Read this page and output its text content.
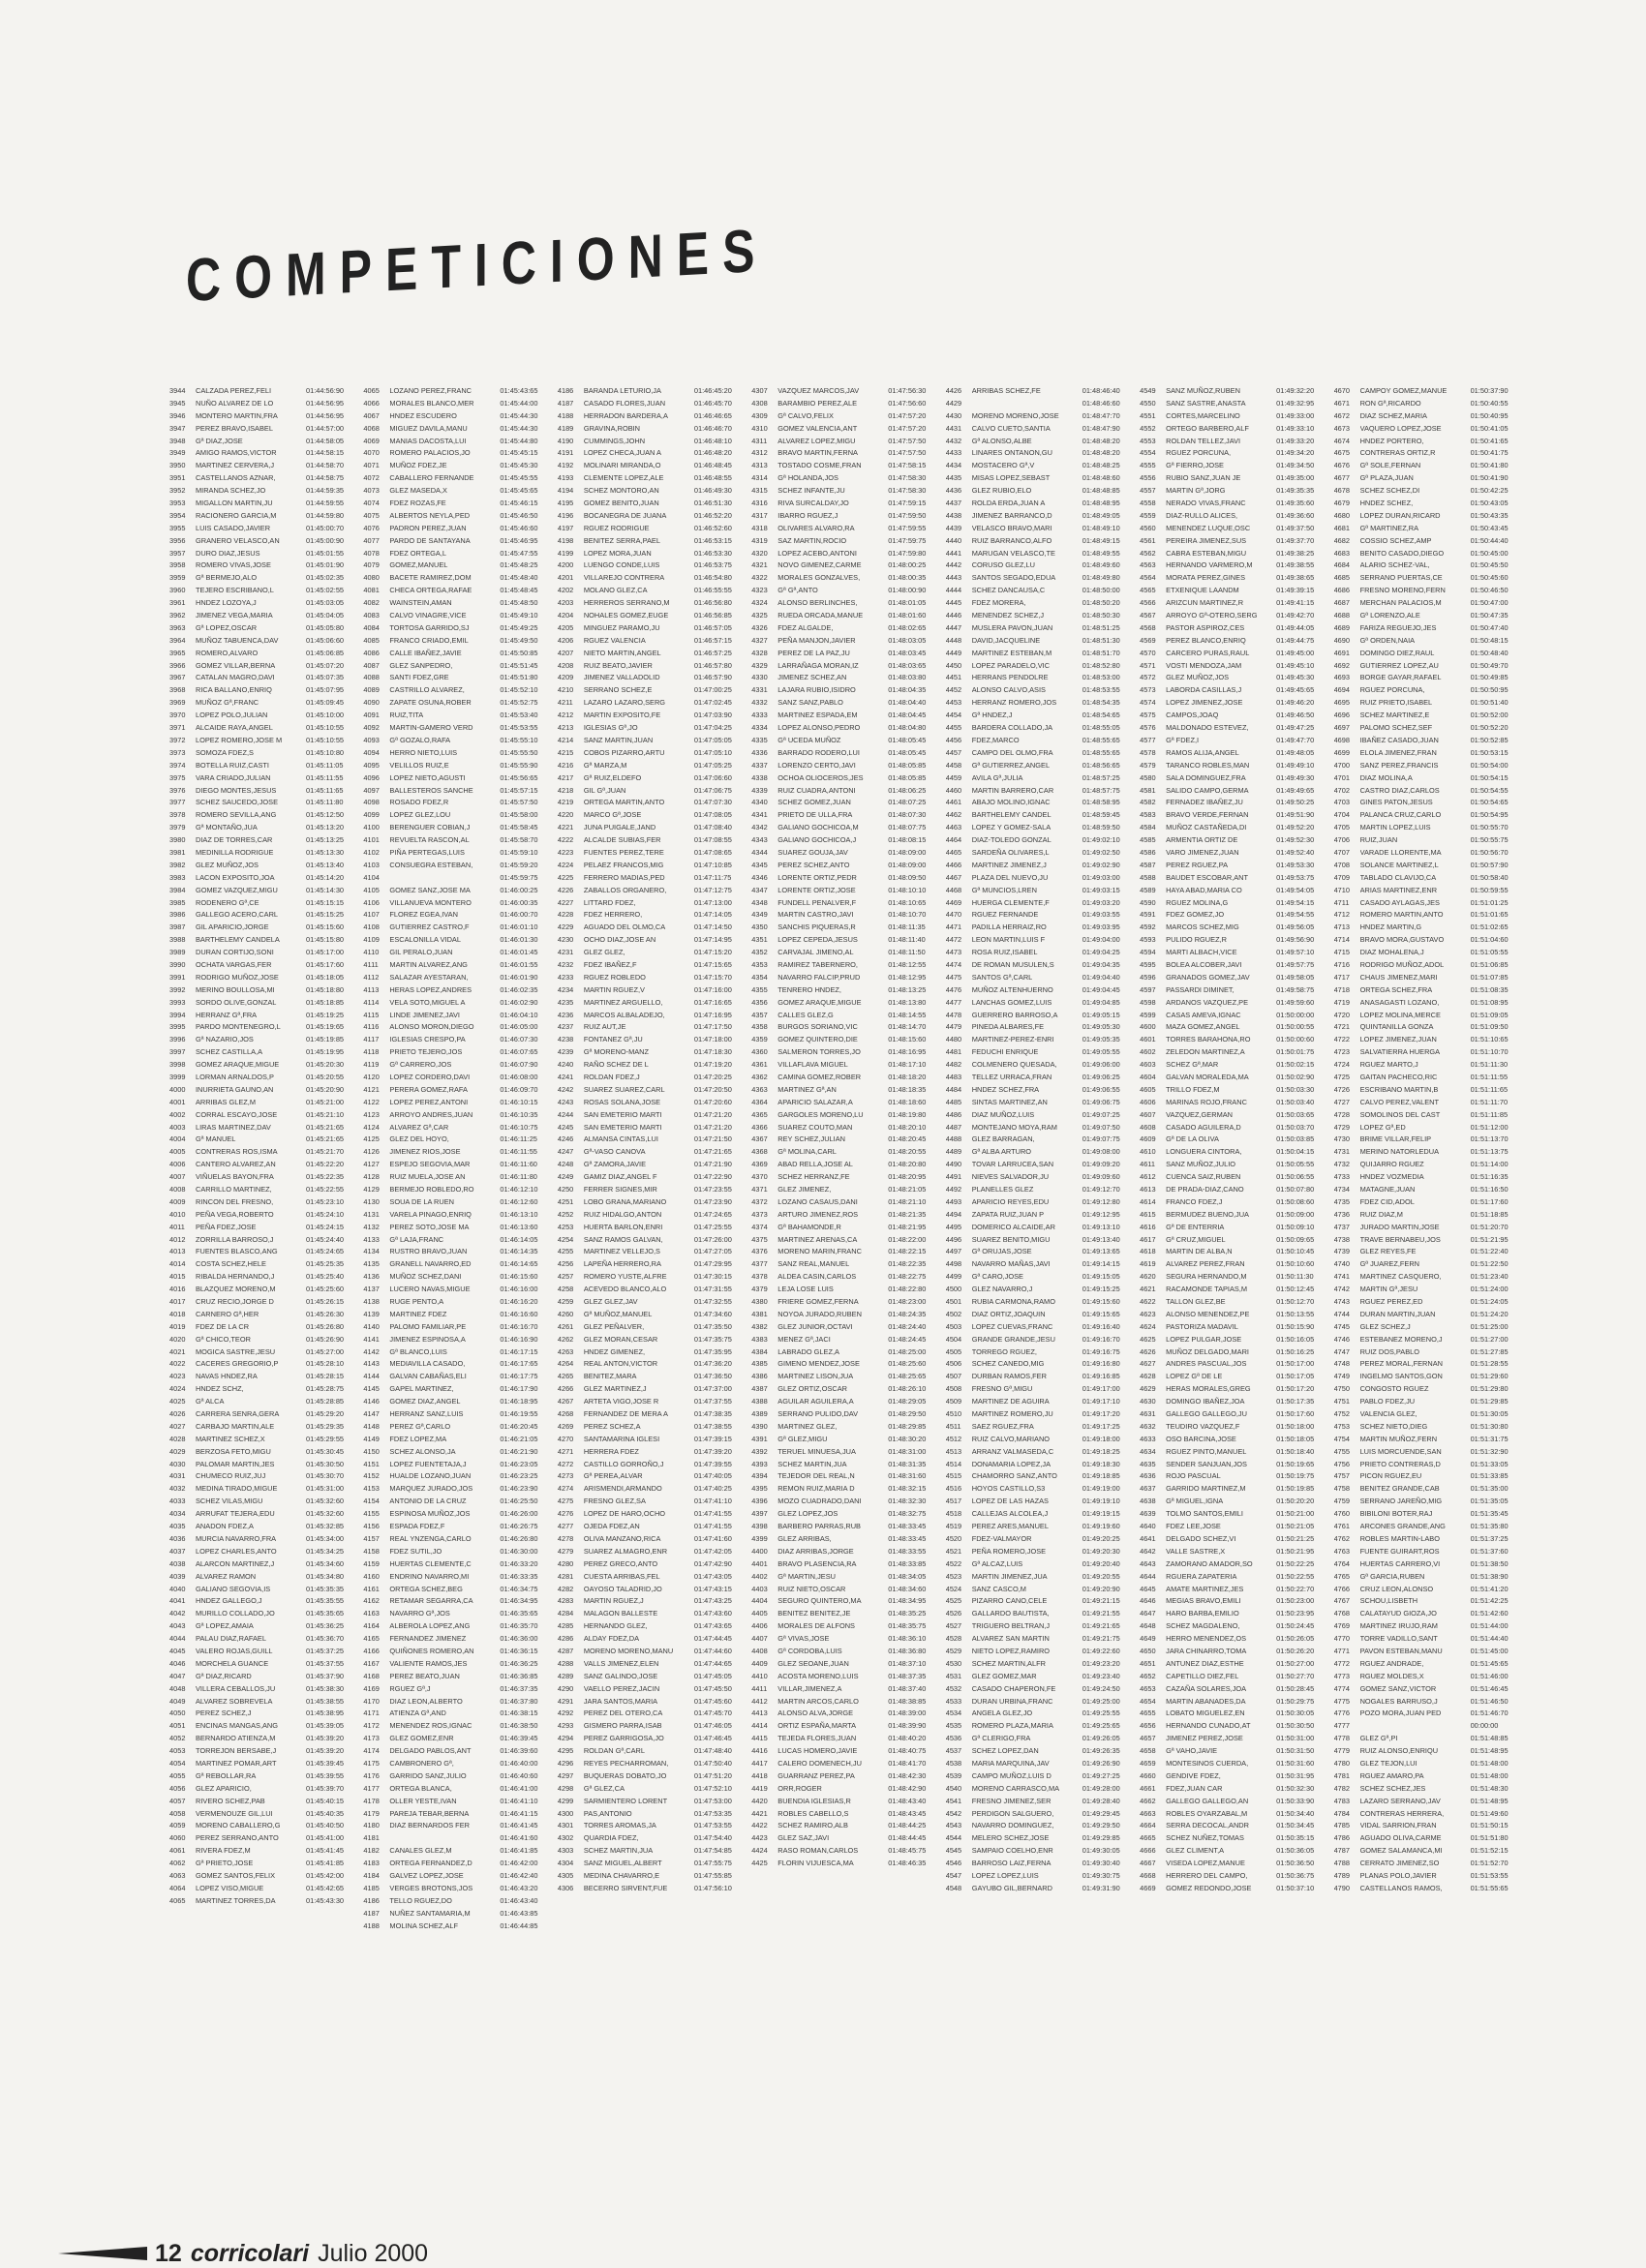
COMPETICIONES
3944	CALZADA PEREZ,FELI	01:44:56:90
3945	NUÑO ALVAREZ DE LO	01:44:56:95
3946	MONTERO MARTIN,FRA	01:44:56:95
3947	PEREZ BRAVO,ISABEL	01:44:57:00
3948	Gª DIAZ,JOSE	01:44:58:05
3949	AMIGO RAMOS,VICTOR	01:44:58:15
3950	MARTINEZ CERVERA,J	01:44:58:70
3951	CASTELLANOS AZNAR,	01:44:58:75
3952	MIRANDA SCHEZ,JO	01:44:59:35
3953	MIGALLON MARTIN,JU	01:44:59:55
3954	RACIONERO GARCIA,M	01:44:59:80
3955	LUIS CASADO,JAVIER	01:45:00:70
3956	GRANERO VELASCO,AN	01:45:00:90
3957	DURO DIAZ,JESUS	01:45:01:55
3958	ROMERO VIVAS,JOSE	01:45:01:90
3959	Gª BERMEJO,ALO	01:45:02:35
3960	TEJERO ESCRIBANO,L	01:45:02:55
3961	HNDEZ LOZOYA,J	01:45:03:05
3962	JIMENEZ VEGA,MARIA	01:45:04:05
3963	Gª LOPEZ,OSCAR	01:45:05:80
3964	MUÑOZ TABUENCA,DAV	01:45:06:60
3965	ROMERO,ALVARO	01:45:06:85
3966	GOMEZ VILLAR,BERNA	01:45:07:20
3967	CATALAN MAGRO,DAVI	01:45:07:35
3968	RICA BALLANO,ENRIQ	01:45:07:95
3969	MUÑOZ Gª,FRANC	01:45:09:45
3970	LOPEZ POLO,JULIAN	01:45:10:00
3971	ALCAIDE RAYA,ANGEL	01:45:10:55
3972	LOPEZ ROMERO,JOSE M	01:45:10:55
3973	SOMOZA FDEZ,S	01:45:10:80
3974	BOTELLA RUIZ,CASTI	01:45:11:05
3975	VARA CRIADO,JULIAN	01:45:11:55
3976	DIEGO MONTES,JESUS	01:45:11:65
3977	SCHEZ SAUCEDO,JOSE	01:45:11:80
3978	ROMERO SEVILLA,ANG	01:45:12:50
3979	Gª MONTAÑO,JUA	01:45:13:20
3980	DIAZ DE TORRES,CAR	01:45:13:25
3981	MEDINILLA RODRIGUE	01:45:13:30
3982	GLEZ MUÑOZ,JOS	01:45:13:40
3983	LACON EXPOSITO,JOA	01:45:14:20
3984	GOMEZ VAZQUEZ,MIGU	01:45:14:30
3985	RODENERO Gª,CE	01:45:15:15
3986	GALLEGO ACERO,CARL	01:45:15:25
3987	GIL APARICIO,JORGE	01:45:15:60
3988	BARTHELEMY CANDELA	01:45:15:80
3989	DURAN CORTIJO,SONI	01:45:17:00
3990	OCHATA VARGAS,FER	01:45:17:60
3991	RODRIGO MUÑOZ,JOSE	01:45:18:05
3992	MERINO BOULLOSA,MI	01:45:18:80
3993	SORDO OLIVE,GONZAL	01:45:18:85
3994	HERRANZ Gª,FRA	01:45:19:25
3995	PARDO MONTENEGRO,L	01:45:19:65
3996	Gª NAZARIO,JOS	01:45:19:85
3997	SCHEZ CASTILLA,A	01:45:19:95
3998	GOMEZ ARAQUE,MIGUE	01:45:20:30
3999	LORMAN ARNALDOS,P	01:45:20:55
4000	INURRIETA GAUNO,AN	01:45:20:90
4001	ARRIBAS GLEZ,M	01:45:21:00
4002	CORRAL ESCAYO,JOSE	01:45:21:10
4003	LIRAS MARTINEZ,DAV	01:45:21:65
4004	Gª MANUEL	01:45:21:65
4005	CONTRERAS ROS,ISMA	01:45:21:70
4006	CANTERO ALVAREZ,AN	01:45:22:20
4007	VIÑUELAS BAYON,FRA	01:45:22:35
4008	CARRILLO MARTINEZ,	01:45:22:55
4009	RINCON DEL FRESNO,	01:45:23:10
4010	PEÑA VEGA,ROBERTO	01:45:24:10
4011	PEÑA FDEZ,JOSE	01:45:24:15
4012	ZORRILLA BARROSO,J	01:45:24:40
4013	FUENTES BLASCO,ANG	01:45:24:65
4014	COSTA SCHEZ,HELE	01:45:25:35
4015	RIBALDA HERNANDO,J	01:45:25:40
4016	BLAZQUEZ MORENO,M	01:45:25:60
4017	CRUZ RECIO,JORGE D	01:45:26:15
4018	CARNERO Gª,HER	01:45:26:30
4019	FDEZ DE LA CR	01:45:26:80
4020	Gª CHICO,TEOR	01:45:26:90
4021	MOGICA SASTRE,JESU	01:45:27:00
4022	CACERES GREGORIO,P	01:45:28:10
4023	NAVAS HNDEZ,RA	01:45:28:15
4024	HNDEZ SCHZ,	01:45:28:75
4025	Gª ALCA	01:45:28:85
4026	CARRERA SENRA,GERA	01:45:29:20
4027	CARBAJO MARTIN,ALE	01:45:29:35
4028	MARTINEZ SCHEZ,X	01:45:29:55
4029	BERZOSA FETO,MIGU	01:45:30:45
4030	PALOMAR MARTIN,JES	01:45:30:50
4031	CHUMECO RUIZ,JUJ	01:45:30:70
4032	MEDINA TIRADO,MIGUE	01:45:31:00
4033	SCHEZ VILAS,MIGU	01:45:32:60
4034	ARRUFAT TEJERA,EDU	01:45:32:60
4035	ANADON FDEZ,A	01:45:32:85
4036	MURCIA NAVARRO,FRA	01:45:34:00
4037	LOPEZ CHARLES,ANTO	01:45:34:25
4038	ALARCON MARTINEZ,J	01:45:34:60
4039	ALVAREZ RAMON	01:45:34:80
4040	GALIANO SEGOVIA,IS	01:45:35:35
4041	HNDEZ GALLEGO,J	01:45:35:55
4042	MURILLO COLLADO,JO	01:45:35:65
4043	Gª LOPEZ,AMAIA	01:45:36:25
4044	PALAU DIAZ,RAFAEL	01:45:36:70
4045	VALERO ROJAS,GUILL	01:45:37:25
4046	MORCHELA GUANCE	01:45:37:55
4047	Gª DIAZ,RICARD	01:45:37:90
4048	VILLERA CEBALLOS,JU	01:45:38:30
4049	ALVAREZ SOBREVELA	01:45:38:55
4050	PEREZ SCHEZ,J	01:45:38:95
4051	ENCINAS MANGAS,ANG	01:45:39:05
4052	BERNARDO ATIENZA,M	01:45:39:20
4053	TORREJON BERSABE,J	01:45:39:20
4054	MARTINEZ POMAR,ART	01:45:39:45
4055	Gª REBOLLAR,RA	01:45:39:55
4056	GLEZ APARICIO,	01:45:39:70
4057	RIVERO SCHEZ,PAB	01:45:40:15
4058	VERMENOUZE GIL,LUI	01:45:40:35
4059	MORENO CABALLERO,G	01:45:40:50
4060	PEREZ SERRANO,ANTO	01:45:41:00
4061	RIVERA FDEZ,M	01:45:41:45
4062	Gª PRIETO,JOSE	01:45:41:85
4063	GOMEZ SANTOS,FELIX	01:45:42:00
4064	LOPEZ VISO,MIGUE	01:45:42:65
4065	MARTINEZ TORRES,DA	01:45:43:30
4065	LOZANO PEREZ,FRANC	01:45:43:65
4066	MORALES BLANCO,MER	01:45:44:00
4067	HNDEZ ESCUDERO	01:45:44:30
4068	MIGUEZ DAVILA,MANU	01:45:44:30
4069	MANIAS DACOSTA,LUI	01:45:44:80
4070	ROMERO PALACIOS,JO	01:45:45:15
4071	MUÑOZ FDEZ,JE	01:45:45:30
4072	CABALLERO FERNANDE	01:45:45:55
4073	GLEZ MASEDA,X	01:45:45:65
4074	FDEZ ROZAS,FE	01:45:46:15
4075	ALBERTOS NEYLA,PED	01:45:46:50
4076	PADRON PEREZ,JUAN	01:45:46:60
4077	PARDO DE SANTAYANA	01:45:46:95
4078	FDEZ ORTEGA,L	01:45:47:55
4079	GOMEZ,MANUEL	01:45:48:25
4080	BACETE RAMIREZ,DOM	01:45:48:40
4081	CHECA ORTEGA,RAFAE	01:45:48:45
4082	WAINSTEIN,AMAN	01:45:48:50
4083	CALVO VINAGRE,VICE	01:45:49:10
4084	TORTOSA GARRIDO,SJ	01:45:49:25
4085	FRANCO CRIADO,EMIL	01:45:49:50
4086	CALLE IBAÑEZ,JAVIE	01:45:50:85
4087	GLEZ SANPEDRO,	01:45:51:45
4088	SANTI FDEZ,GRE	01:45:51:80
4089	CASTRILLO ALVAREZ,	01:45:52:10
4090	ZAPATE OSUNA,ROBER	01:45:52:75
4091	RUIZ,TITA	01:45:53:40
4092	MARTIN-GAMERO VERD	01:45:53:55
4093	Gª GOZALO,RAFA	01:45:55:10
4094	HERRO NIETO,LUIS	01:45:55:50
4095	VELILLOS RUIZ,E	01:45:55:90
4096	LOPEZ NIETO,AGUSTI	01:45:56:65
4097	BALLESTEROS SANCHE	01:45:57:15
4098	ROSADO FDEZ,R	01:45:57:50
4099	LOPEZ GLEZ,LOU	01:45:58:00
4100	BERENGUER COBIAN,J	01:45:58:45
4101	REVUELTA RASCON,AL	01:45:58:70
4102	PIÑA PERTEGAS,LUIS	01:45:59:10
4103	CONSUEGRA ESTEBAN,	01:45:59:20
4104	01:45:59:75
4105	GOMEZ SANZ,JOSE MA	01:46:00:25
4106	VILLANUEVA MONTERO	01:46:00:35
4107	FLOREZ EGEA,IVAN	01:46:00:70
4108	GUTIERREZ CASTRO,F	01:46:01:10
4109	ESCALONILLA VIDAL	01:46:01:30
4110	GIL PERALO,JUAN	01:46:01:45
4111	MARTIN ALVAREZ,ANG	01:46:01:55
4112	SALAZAR AYESTARAN,	01:46:01:90
4113	HERAS LOPEZ,ANDRES	01:46:02:35
4114	VELA SOTO,MIGUEL A	01:46:02:90
4115	LINDE JIMENEZ,JAVI	01:46:04:10
4116	ALONSO MORON,DIEGO	01:46:05:00
4117	IGLESIAS CRESPO,PA	01:46:07:30
4118	PRIETO TEJERO,JOS	01:46:07:65
4119	Gª CARRERO,JOS	01:46:07:90
4120	LOPEZ CORDERO,DAVI	01:46:08:00
4121	PERERA GOMEZ,RAFA	01:46:09:70
4122	LOPEZ PEREZ,ANTONI	01:46:10:15
4123	ARROYO ANDRES,JUAN	01:46:10:35
4124	ALVAREZ Gª,CAR	01:46:10:75
4125	GLEZ DEL HOYO,	01:46:11:25
4126	JIMENEZ RIOS,JOSE	01:46:11:55
4127	ESPEJO SEGOVIA,MAR	01:46:11:60
4128	RUIZ MUELA,JOSE AN	01:46:11:80
4129	BERMEJO ROBLEDO,RO	01:46:12:10
4130	SOUA DE LA RUEN	01:46:12:60
4131	VARELA PINAGO,ENRIQ	01:46:13:10
4132	PEREZ SOTO,JOSE MA	01:46:13:60
4133	Gª LAJA,FRANC	01:46:14:05
4134	RUSTRO BRAVO,JUAN	01:46:14:35
4135	GRANELL NAVARRO,ED	01:46:14:65
4136	MUÑOZ SCHEZ,DANI	01:46:15:60
4137	LUCERO NAVAS,MIGUE	01:46:16:00
4138	RUGE PENTO,A	01:46:16:20
4139	MARTINEZ FDEZ	01:46:16:60
4140	PALOMO FAMILIAR,PE	01:46:16:70
4141	JIMENEZ ESPINOSA,A	01:46:16:90
4142	Gª BLANCO,LUIS	01:46:17:15
4143	MEDIAVILLA CASADO,	01:46:17:65
4144	GALVAN CABAÑAS,ELI	01:46:17:75
4145	GAPEL MARTINEZ,	01:46:17:90
4146	GOMEZ DIAZ,ANGEL	01:46:18:95
4147	HERRANZ SANZ,LUIS	01:46:19:55
4148	PEREZ Gª,CARLO	01:46:20:45
4149	FDEZ LOPEZ,MA	01:46:21:05
4150	SCHEZ ALONSO,JA	01:46:21:90
4151	LOPEZ FUENTETAJA,J	01:46:23:05
4152	HUALDE LOZANO,JUAN	01:46:23:25
4153	MARQUEZ JURADO,JOS	01:46:23:90
4154	ANTONIO DE LA CRUZ	01:46:25:50
4155	ESPINOSA MUÑOZ,JOS	01:46:26:00
4156	ESPADA FDEZ,F	01:46:26:75
4157	REAL YNZENGA,CARLO	01:46:26:80
4158	FDEZ SUTIL,JO	01:46:30:00
4159	HUERTAS CLEMENTE,C	01:46:33:20
4160	ENDRINO NAVARRO,MI	01:46:33:35
4161	ORTEGA SCHEZ,BEG	01:46:34:75
4162	RETAMAR SEGARRA,CA	01:46:34:95
4163	NAVARRO Gª,JOS	01:46:35:65
4164	ALBEROLA LOPEZ,ANG	01:46:35:70
4165	FERNANDEZ JIMENEZ	01:46:36:00
4166	QUIÑONES ROMERO,AN	01:46:36:15
4167	VALIENTE RAMOS,JES	01:46:36:25
4168	PEREZ BEATO,JUAN	01:46:36:85
4169	RGUEZ Gª,J	01:46:37:35
4170	DIAZ LEON,ALBERTO	01:46:37:80
4171	ATIENZA Gª,AND	01:46:38:15
4172	MENENDEZ ROS,IGNAC	01:46:38:50
4173	GLEZ GOMEZ,ENR	01:46:39:45
4174	DELGADO PABLOS,ANT	01:46:39:60
4175	CAMBRONERO Gª,	01:46:40:00
4176	GARRIDO SANZ,JULIO	01:46:40:60
4177	ORTEGA BLANCA,	01:46:41:00
4178	OLLER YESTE,IVAN	01:46:41:10
4179	PAREJA TEBAR,BERNA	01:46:41:15
4180	DIAZ BERNARDOS FER	01:46:41:45
4181	01:46:41:60
4182	CANALES GLEZ,M	01:46:41:85
4183	ORTEGA FERNANDEZ,D	01:46:42:00
4184	GALVEZ LOPEZ,JOSE	01:46:42:40
4185	VERGES BROTONS,JOS	01:46:43:20
4186	TELLO RGUEZ,DO	01:46:43:40
4187	NUÑEZ SANTAMARIA,M	01:46:43:85
4188	MOLINA SCHEZ,ALF	01:46:44:85
4186	BARANDA LETURIO,JA	01:46:45:20
4187	CASADO FLORES,JUAN	01:46:45:70
4188	HERRADON BARDERA,A	01:46:46:65
4189	GRAVINA,ROBIN	01:46:46:70
4190	CUMMINGS,JOHN	01:46:48:10
4191	LOPEZ CHECA,JUAN A	01:46:48:20
4192	MOLINARI MIRANDA,O	01:46:48:45
4193	CLEMENTE LOPEZ,ALE	01:46:48:55
4194	SCHEZ MONTORO,AN	01:46:49:30
4195	GOMEZ BENITO,JUAN	01:46:51:30
4196	BOCANEGRA DE JUANA	01:46:52:20
4197	RGUEZ RODRIGUE	01:46:52:60
4198	BENITEZ SERRA,PAEL	01:46:53:15
4199	LOPEZ MORA,JUAN	01:46:53:30
4200	LUENGO CONDE,LUIS	01:46:53:75
4201	VILLAREJO CONTRERA	01:46:54:80
4202	MOLANO GLEZ,CA	01:46:55:55
4203	HERREROS SERRANO,M	01:46:56:80
4204	NOHALES GOMEZ,EUGE	01:46:56:85
4205	MINGUEZ PARAMO,JU	01:46:57:05
4206	RGUEZ VALENCIA	01:46:57:15
4207	NIETO MARTIN,ANGEL	01:46:57:25
4208	RUIZ BEATO,JAVIER	01:46:57:80
4209	JIMENEZ VALLADOLID	01:46:57:90
4210	SERRANO SCHEZ,E	01:47:00:25
4211	LAZARO LAZARO,SERG	01:47:02:45
4212	MARTIN EXPOSITO,FE	01:47:03:90
4213	IGLESIAS Gª,JO	01:47:04:25
4214	SANZ MARTIN,JUAN	01:47:05:05
4215	COBOS PIZARRO,ARTU	01:47:05:10
4216	Gª MARZA,M	01:47:05:25
4217	Gª RUIZ,ELDEFO	01:47:06:60
4218	GIL Gª,JUAN	01:47:06:75
4219	ORTEGA MARTIN,ANTO	01:47:07:30
4220	MARCO Gª,JOSE	01:47:08:05
4221	JUNA PUIGALE,JAND	01:47:08:40
4222	ALCALDE SUBIAS,FER	01:47:08:55
4223	FUENTES PEREZ,TERE	01:47:08:65
4224	PELAEZ FRANCOS,MIG	01:47:10:85
4225	FERRERO MADIAS,PED	01:47:11:75
4226	ZABALLOS ORGANERO,	01:47:12:75
4227	LITTARD FDEZ,	01:47:13:00
4228	FDEZ HERRERO,	01:47:14:05
4229	AGUADO DEL OLMO,CA	01:47:14:50
4230	OCHO DIAZ,JOSE AN	01:47:14:95
4231	GLEZ GLEZ,	01:47:15:20
4232	FDEZ IBAÑEZ,F	01:47:15:65
4233	RGUEZ ROBLEDO	01:47:15:70
4234	MARTIN RGUEZ,V	01:47:16:00
4235	MARTINEZ ARGUELLO,	01:47:16:65
4236	MARCOS ALBALADEJO,	01:47:16:95
4237	RUIZ AUT,JE	01:47:17:50
4238	FONTANEZ Gª,JU	01:47:18:00
4239	Gª MORENO-MANZ	01:47:18:30
4240	RAÑO SCHEZ DE L	01:47:19:20
4241	ROLDAN FDEZ,J	01:47:20:25
4242	SUAREZ SUAREZ,CARL	01:47:20:50
4243	ROSAS SOLANA,JOSE	01:47:20:60
4244	SAN EMETERIO MARTI	01:47:21:20
4245	SAN EMETERIO MARTI	01:47:21:20
4246	ALMANSA CINTAS,LUI	01:47:21:50
4247	Gª-VASO CANOVA	01:47:21:65
4248	Gª ZAMORA,JAVIE	01:47:21:90
4249	GAMIZ DIAZ,ANGEL F	01:47:22:90
4250	FERRER SIGNES,MIR	01:47:23:55
4251	LOBO GRANA,MARIANO	01:47:23:90
4252	RUIZ HIDALGO,ANTON	01:47:24:65
4253	HUERTA BARLON,ENRI	01:47:25:55
4254	SANZ RAMOS GALVAN,	01:47:26:00
4255	MARTINEZ VELLEJO,S	01:47:27:05
4256	LAPEÑA HERRERO,RA	01:47:29:95
4257	ROMERO YUSTE,ALFRE	01:47:30:15
4258	ACEVEDO BLANCO,ALO	01:47:31:55
4259	GLEZ GLEZ,JAV	01:47:32:55
4260	Gª MUÑOZ,MANUEL	01:47:34:60
4261	GLEZ PEÑALVER,	01:47:35:50
4262	GLEZ MORAN,CESAR	01:47:35:75
4263	HNDEZ GIMENEZ,	01:47:35:95
4264	REAL ANTON,VICTOR	01:47:36:20
4265	BENITEZ,MARA	01:47:36:50
4266	GLEZ MARTINEZ,J	01:47:37:00
4267	ARTETA VIGO,JOSE R	01:47:37:55
4268	FERNANDEZ DE MERA A	01:47:38:35
4269	PEREZ SCHEZ,A	01:47:38:55
4270	SANTAMARINA IGLESI	01:47:39:15
4271	HERRERA FDEZ	01:47:39:20
4272	CASTILLO GORROÑO,J	01:47:39:55
4273	Gª PEREA,ALVAR	01:47:40:05
4274	ARISMENDI,ARMANDO	01:47:40:25
4275	FRESNO GLEZ,SA	01:47:41:10
4276	LOPEZ DE HARO,OCHO	01:47:41:55
4277	OJEDA FDEZ,AN	01:47:41:55
4278	OLIVA MANZANO,RICA	01:47:41:60
4279	SUAREZ ALMAGRO,ENR	01:47:42:05
4280	PEREZ GRECO,ANTO	01:47:42:90
4281	CUESTA ARRIBAS,FEL	01:47:43:05
4282	OAYOSO TALADRID,JO	01:47:43:15
4283	MARTIN RGUEZ,J	01:47:43:25
4284	MALAGON BALLESTE	01:47:43:60
4285	HERNANDO GLEZ,	01:47:43:65
4286	ALDAY FDEZ,DA	01:47:44:45
4287	MORENO MORENO,MANU	01:47:44:60
4288	VALLS JIMENEZ,ELEN	01:47:44:65
4289	SANZ GALINDO,JOSE	01:47:45:05
4290	VAELLO PEREZ,JACIN	01:47:45:50
4291	JARA SANTOS,MARIA	01:47:45:60
4292	PEREZ DEL OTERO,CA	01:47:45:70
4293	GISMERO PARRA,ISAB	01:47:46:05
4294	PEREZ GARRIGOSA,JO	01:47:46:45
4295	ROLDAN Gª,CARL	01:47:48:40
4296	REYES PECHARROMAN,	01:47:50:40
4297	BUQUERAS DOBATO,JO	01:47:51:20
4298	Gª GLEZ,CA	01:47:52:10
4299	SARMIENTERO LORENT	01:47:53:00
4300	PAS,ANTONIO	01:47:53:35
4301	TORRES AROMAS,JA	01:47:53:55
4302	QUARDIA FDEZ,	01:47:54:40
4303	SCHEZ MARTIN,JUA	01:47:54:85
4304	SANZ MIGUEL,ALBERT	01:47:55:75
4305	MEDINA CHAVARRO,E	01:47:55:85
4306	BECERRO SIRVENT,FUE	01:47:56:10
4307	VAZQUEZ MARCOS,JAV	01:47:56:30
4308	BARAMBIO PEREZ,ALE	01:47:56:60
4309	Gª CALVO,FELIX	01:47:57:20
4310	GOMEZ VALENCIA,ANT	01:47:57:20
4311	ALVAREZ LOPEZ,MIGU	01:47:57:50
4312	BRAVO MARTIN,FERNA	01:47:57:50
4313	TOSTADO COSME,FRAN	01:47:58:15
4314	Gª HOLANDA,JOS	01:47:58:30
4315	SCHEZ INFANTE,JU	01:47:58:30
4316	RIVA SURCALDAY,JO	01:47:59:15
4317	IBARRO RGUEZ,J	01:47:59:50
4318	OLIVARES ALVARO,RA	01:47:59:55
4319	SAZ MARTIN,ROCIO	01:47:59:75
4320	LOPEZ ACEBO,ANTONI	01:47:59:80
4321	NOVO GIMENEZ,CARME	01:48:00:25
4322	MORALES GONZALVES,	01:48:00:35
4323	Gª Gª,ANTO	01:48:00:90
4324	ALONSO BERLINCHES,	01:48:01:05
4325	RUEDA ORCADA,MANUE	01:48:01:60
4326	FDEZ ALGALDE,	01:48:02:65
4327	PEÑA MANJON,JAVIER	01:48:03:05
4328	PEREZ DE LA PAZ,JU	01:48:03:45
4329	LARRAÑAGA MORAN,IZ	01:48:03:65
4330	JIMENEZ SCHEZ,AN	01:48:03:80
4331	LAJARA RUBIO,ISIDRO	01:48:04:35
4332	SANZ SANZ,PABLO	01:48:04:40
4333	MARTINEZ ESPADA,EM	01:48:04:45
4334	LOPEZ ALONSO,PEDRO	01:48:04:80
4335	Gª UCEDA MUÑOZ	01:48:05:45
4336	BARRADO RODERO,LUI	01:48:05:45
4337	LORENZO CERTO,JAVI	01:48:05:85
4338	OCHOA OLIOCEROS,JES	01:48:05:85
4339	RUIZ CUADRA,ANTONI	01:48:06:25
4340	SCHEZ GOMEZ,JUAN	01:48:07:25
4341	PRIETO DE ULLA,FRA	01:48:07:30
4342	GALIANO GOCHICOA,M	01:48:07:75
4343	GALIANO GOCHICOA,J	01:48:08:15
4344	SUAREZ GOUJA,JAV	01:48:09:00
4345	PEREZ SCHEZ,ANTO	01:48:09:00
4346	LORENTE ORTIZ,PEDR	01:48:09:50
4347	LORENTE ORTIZ,JOSE	01:48:10:10
4348	FUNDELL PENALVER,F	01:48:10:65
4349	MARTIN CASTRO,JAVI	01:48:10:70
4350	SANCHIS PIQUERAS,R	01:48:11:35
4351	LOPEZ CEPEDA,JESUS	01:48:11:40
4352	CARVAJAL JIMENO,AL	01:48:11:50
4353	RAMIREZ TABERNERO,	01:48:12:55
4354	NAVARRO FALCIP,PRUD	01:48:12:95
4355	TENRERO HNDEZ,	01:48:13:25
4356	GOMEZ ARAQUE,MIGUE	01:48:13:80
4357	CALLES GLEZ,G	01:48:14:55
4358	BURGOS SORIANO,VIC	01:48:14:70
4359	GOMEZ QUINTERO,DIE	01:48:15:60
4360	SALMERON TORRES,JO	01:48:16:95
4361	VILLAFLAVA MIGUEL	01:48:17:10
4362	CAMINA GOMEZ,ROBER	01:48:18:20
4363	MARTINEZ Gª,AN	01:48:18:35
4364	APARICIO SALAZAR,A	01:48:18:60
4365	GARGOLES MORENO,LU	01:48:19:80
4366	SUAREZ COUTO,MAN	01:48:20:10
4367	REY SCHEZ,JULIAN	01:48:20:45
4368	Gª MOLINA,CARL	01:48:20:55
4369	ABAD RELLA,JOSE AL	01:48:20:80
4370	SCHEZ HERRANZ,FE	01:48:20:95
4371	GLEZ JIMENEZ,	01:48:21:05
4372	LOZANO CASAUS,DANI	01:48:21:10
4373	ARTURO JIMENEZ,ROS	01:48:21:35
4374	Gª BAHAMONDE,R	01:48:21:95
4375	MARTINEZ ARENAS,CA	01:48:22:00
4376	MORENO MARIN,FRANC	01:48:22:15
4377	SANZ REAL,MANUEL	01:48:22:35
4378	ALDEA CASIN,CARLOS	01:48:22:75
4379	LEJA LOSE LUIS	01:48:22:80
4380	FRIERE GOMEZ,FERNA	01:48:23:00
4381	NOYOA JURADO,RUBEN	01:48:24:35
4382	GLEZ JUNIOR,OCTAVI	01:48:24:40
4383	MENEZ Gª,JACI	01:48:24:45
4384	LABRADO GLEZ,A	01:48:25:00
4385	GIMENO MENDEZ,JOSE	01:48:25:60
4386	MARTINEZ LISON,JUA	01:48:25:65
4387	GLEZ ORTIZ,OSCAR	01:48:26:10
4388	AGUILAR AGUILERA,A	01:48:29:05
4389	SERRANO PULIDO,DAV	01:48:29:50
4390	MARTINEZ GLEZ,	01:48:29:85
4391	Gª GLEZ,MIGU	01:48:30:20
4392	TERUEL MINUESA,JUA	01:48:31:00
4393	SCHEZ MARTIN,JUA	01:48:31:35
4394	TEJEDOR DEL REAL,N	01:48:31:60
4395	REMON RUIZ,MARIA D	01:48:32:15
4396	MOZO CUADRADO,DANI	01:48:32:30
4397	GLEZ LOPEZ,JOS	01:48:32:75
4398	BARBERO PARRAS,RUB	01:48:33:45
4399	GLEZ ARRIBAS,	01:48:33:45
4400	DIAZ ARRIBAS,JORGE	01:48:33:55
4401	BRAVO PLASENCIA,RA	01:48:33:85
4402	Gª MARTIN,JESU	01:48:34:05
4403	RUIZ NIETO,OSCAR	01:48:34:60
4404	SEGURO QUINTERO,MA	01:48:34:95
4405	BENITEZ BENITEZ,JE	01:48:35:25
4406	MORALES DE ALFONS	01:48:35:75
4407	Gª VIVAS,JOSE	01:48:36:10
4408	Gª CORDOBA,LUIS	01:48:36:80
4409	GLEZ SEOANE,JUAN	01:48:37:10
4410	ACOSTA MORENO,LUIS	01:48:37:35
4411	VILLAR,JIMENEZ,A	01:48:37:40
4412	MARTIN ARCOS,CARLO	01:48:38:85
4413	ALONSO ALVA,JORGE	01:48:39:00
4414	ORTIZ ESPAÑA,MARTA	01:48:39:90
4415	TEJEDA FLORES,JUAN	01:48:40:20
4416	LUCAS HOMERO,JAVIE	01:48:40:75
4417	CALERO DOMENECH,JU	01:48:41:70
4418	GUARRANZ PEREZ,PA	01:48:42:30
4419	ORR,ROGER	01:48:42:90
4420	BUENDIA IGLESIAS,R	01:48:43:40
4421	ROBLES CABELLO,S	01:48:43:45
4422	SCHEZ RAMIRO,ALB	01:48:44:25
4423	GLEZ SAZ,JAVI	01:48:44:45
4424	RASO ROMAN,CARLOS	01:48:45:75
4425	FLORIN VIJUESCA,MA	01:48:46:35
4426	ARRIBAS SCHEZ,FE	01:48:46:40
4429	01:48:46:60
4430	MORENO MORENO,JOSE	01:48:47:70
4431	CALVO CUETO,SANTIA	01:48:47:90
4432	Gª ALONSO,ALBE	01:48:48:20
4433	LINARES ONTANON,GU	01:48:48:20
4434	MOSTACERO Gª,V	01:48:48:25
4435	MISAS LOPEZ,SEBAST	01:48:48:60
4436	GLEZ RUBIO,ELO	01:48:48:85
4437	ROLDA ERDA,JUAN A	01:48:48:95
4438	JIMENEZ BARRANCO,D	01:48:49:05
4439	VELASCO BRAVO,MARI	01:48:49:10
4440	RUIZ BARRANCO,ALFO	01:48:49:15
4441	MARUGAN VELASCO,TE	01:48:49:55
4442	CORUSO GLEZ,LU	01:48:49:60
4443	SANTOS SEGADO,EDUA	01:48:49:80
4444	SCHEZ DANCAUSA,C	01:48:50:00
4445	FDEZ MORERA,	01:48:50:20
4446	MENENDEZ SCHEZ,J	01:48:50:30
4447	MUSLERA PAVON,JUAN	01:48:51:25
4448	DAVID,JACQUELINE	01:48:51:30
4449	MARTINEZ ESTEBAN,M	01:48:51:70
4450	LOPEZ PARADELO,VIC	01:48:52:80
4451	HERRANS PENDOLRE	01:48:53:00
4452	ALONSO CALVO,ASIS	01:48:53:55
4453	HERRANZ ROMERO,JOS	01:48:54:35
4454	Gª HNDEZ,J	01:48:54:65
4455	BARDERA COLLADO,JA	01:48:55:05
4456	FDEZ,MARCO	01:48:55:65
4457	CAMPO DEL OLMO,FRA	01:48:55:65
4458	Gª GUTIERREZ,ANGEL	01:48:56:65
4459	AVILA Gª,JULIA	01:48:57:25
4460	MARTIN BARRERO,CAR	01:48:57:75
4461	ABAJO MOLINO,IGNAC	01:48:58:95
4462	BARTHELEMY CANDEL	01:48:59:45
4463	LOPEZ Y GOMEZ-SALA	01:48:59:50
4464	DIAZ-TOLEDO GONZAL	01:49:02:10
4465	SARDEÑA OLIVARES,L	01:49:02:50
4466	MARTINEZ JIMENEZ,J	01:49:02:90
4467	PLAZA DEL NUEVO,JU	01:49:03:00
4468	Gª MUNCIOS,LREN	01:49:03:15
4469	HUERGA CLEMENTE,F	01:49:03:20
4470	RGUEZ FERNANDE	01:49:03:55
4471	PADILLA HERRAIZ,RO	01:49:03:95
4472	LEON MARTIN,LUIS F	01:49:04:00
4473	ROSA RUIZ,ISABEL	01:49:04:25
4474	DE ROMAN MUSULEN,S	01:49:04:35
4475	SANTOS Gª,CARL	01:49:04:40
4476	MUÑOZ ALTENHUERNO	01:49:04:45
4477	LANCHAS GOMEZ,LUIS	01:49:04:85
4478	GUERRERO BARROSO,A	01:49:05:15
4479	PINEDA ALBARES,FE	01:49:05:30
4480	MARTINEZ-PEREZ-ENRI	01:49:05:35
4481	FEDUCHI ENRIQUE	01:49:05:55
4482	COLMENERO QUESADA,	01:49:06:00
4483	TELLEZ URRACA,FRAN	01:49:06:25
4484	HNDEZ SCHEZ,FRA	01:49:06:55
4485	SINTAS MARTINEZ,AN	01:49:06:75
4486	DIAZ MUÑOZ,LUIS	01:49:07:25
4487	MONTEJANO MOYA,RAM	01:49:07:50
4488	GLEZ BARRAGAN,	01:49:07:75
4489	Gª ALBA ARTURO	01:49:08:00
4490	TOVAR LARRUCEA,SAN	01:49:09:20
4491	NIEVES SALVADOR,JU	01:49:09:60
4492	PLANELLES GLEZ	01:49:12:70
4493	APARICIO REYES,EDU	01:49:12:80
4494	ZAPATA RUIZ,JUAN P	01:49:12:95
4495	DOMERICO ALCAIDE,AR	01:49:13:10
4496	SUAREZ BENITO,MIGU	01:49:13:40
4497	Gª ORUJAS,JOSE	01:49:13:65
4498	NAVARRO MAÑAS,JAVI	01:49:14:15
4499	Gª CARO,JOSE	01:49:15:05
4500	GLEZ NAVARRO,J	01:49:15:25
4501	RUBIA CARMONA,RAMO	01:49:15:60
4502	DIAZ ORTIZ,JOAQUIN	01:49:15:65
4503	LOPEZ CUEVAS,FRANC	01:49:16:40
4504	GRANDE GRANDE,JESU	01:49:16:70
4505	TORREGO RGUEZ,	01:49:16:75
4506	SCHEZ CANEDO,MIG	01:49:16:80
4507	DURBAN RAMOS,FER	01:49:16:85
4508	FRESNO Gª,MIGU	01:49:17:00
4509	MARTINEZ DE AGUIRA	01:49:17:10
4510	MARTINEZ ROMERO,JU	01:49:17:20
4511	SAEZ RGUEZ,FRA	01:49:17:25
4512	RUIZ CALVO,MARIANO	01:49:18:00
4513	ARRANZ VALMASEDA,C	01:49:18:25
4514	DONAMARIA LOPEZ,JA	01:49:18:30
4515	CHAMORRO SANZ,ANTO	01:49:18:85
4516	HOYOS CASTILLO,S3	01:49:19:00
4517	LOPEZ DE LAS HAZAS	01:49:19:10
4518	CALLEJAS ALCOLEA,J	01:49:19:15
4519	PEREZ ARES,MANUEL	01:49:19:60
4520	FDEZ-VALMAYOR	01:49:20:25
4521	PEÑA ROMERO,JOSE	01:49:20:30
4522	Gª ALCAZ,LUIS	01:49:20:40
4523	MARTIN JIMENEZ,JUA	01:49:20:55
4524	SANZ CASCO,M	01:49:20:90
4525	PIZARRO CANO,CELE	01:49:21:15
4526	GALLARDO BAUTISTA,	01:49:21:55
4527	TRIGUERO BELTRAN,J	01:49:21:65
4528	ALVAREZ SAN MARTIN	01:49:21:75
4529	NIETO LOPEZ,RAMIRO	01:49:22:60
4530	SCHEZ MARTIN,ALFR	01:49:23:20
4531	GLEZ GOMEZ,MAR	01:49:23:40
4532	CASADO CHAPERON,FE	01:49:24:50
4533	DURAN URBINA,FRANC	01:49:25:00
4534	ANGELA GLEZ,JO	01:49:25:55
4535	ROMERO PLAZA,MARIA	01:49:25:65
4536	Gª CLERIGO,FRA	01:49:26:05
4537	SCHEZ LOPEZ,DAN	01:49:26:35
4538	MARIA MARQUINA,JAV	01:49:26:90
4539	CAMPO MUÑOZ,LUIS D	01:49:27:25
4540	MORENO CARRASCO,MA	01:49:28:00
4541	FRESNO JIMENEZ,SER	01:49:28:40
4542	PERDIGON SALGUERO,	01:49:29:45
4543	NAVARRO DOMINGUEZ,	01:49:29:50
4544	MELERO SCHEZ,JOSE	01:49:29:85
4545	SAMPAIO COELHO,ENR	01:49:30:05
4546	BARROSO LAIZ,FERNA	01:49:30:40
4547	LOPEZ LOPEZ,LUIS	01:49:30:75
4548	GAYUBO GIL,BERNARD	01:49:31:90
4549	SANZ MUÑOZ,RUBEN	01:49:32:20
4550	SANZ SASTRE,ANASTA	01:49:32:95
4551	CORTES,MARCELINO	01:49:33:00
4552	ORTEGO BARBERO,ALF	01:49:33:10
4553	ROLDAN TELLEZ,JAVI	01:49:33:20
4554	RGUEZ PORCUNA,	01:49:34:20
4555	Gª FIERRO,JOSE	01:49:34:50
4556	RUBIO SANZ,JUAN JE	01:49:35:00
4557	MARTIN Gª,JORG	01:49:35:35
4558	NERADO VIVAS,FRANC	01:49:35:60
4559	DIAZ-RULLO ALICES,	01:49:36:60
4560	MENENDEZ LUQUE,OSC	01:49:37:50
4561	PEREIRA JIMENEZ,SUS	01:49:37:70
4562	CABRA ESTEBAN,MIGU	01:49:38:25
4563	HERNANDO VARMERO,M	01:49:38:55
4564	MORATA PEREZ,GINES	01:49:38:65
4565	ETXENIQUE LAANDM	01:49:39:15
4566	ARIZCUN MARTINEZ,R	01:49:41:15
4567	ARROYO Gª-OTERO,SERG	01:49:42:70
4568	PASTOR ASPIROZ,CES	01:49:44:05
4569	PEREZ BLANCO,ENRIQ	01:49:44:75
4570	CARCERO PURAS,RAUL	01:49:45:00
4571	VOSTI MENDOZA,JAM	01:49:45:10
4572	GLEZ MUÑOZ,JOS	01:49:45:30
4573	LABORDA CASILLAS,J	01:49:45:65
4574	LOPEZ JIMENEZ,JOSE	01:49:46:20
4575	CAMPOS,JOAQ	01:49:46:50
4576	MALDONADO ESTEVEZ,	01:49:47:25
4577	Gª FDEZ,I	01:49:47:70
4578	RAMOS ALIJA,ANGEL	01:49:48:05
4579	TARANCO ROBLES,MAN	01:49:49:10
4580	SALA DOMINGUEZ,FRA	01:49:49:30
4581	SALIDO CAMPO,GERMA	01:49:49:65
4582	FERNADEZ IBAÑEZ,JU	01:49:50:25
4583	BRAVO VERDE,FERNAN	01:49:51:90
4584	MUÑOZ CASTAÑEDA,DI	01:49:52:20
4585	ARMENTIA ORTIZ DE	01:49:52:30
4586	VARO JIMENEZ,JUAN	01:49:52:40
4587	PEREZ RGUEZ,PA	01:49:53:30
4588	BAUDET ESCOBAR,ANT	01:49:53:75
4589	HAYA ABAD,MARIA CO	01:49:54:05
4590	RGUEZ MOLINA,G	01:49:54:15
4591	FDEZ GOMEZ,JO	01:49:54:55
4592	MARCOS SCHEZ,MIG	01:49:56:05
4593	PULIDO RGUEZ,R	01:49:56:90
4594	MARTI ALBACH,VICE	01:49:57:10
4595	BOLEA ALCOBER,JAVI	01:49:57:75
4596	GRANADOS GOMEZ,JAV	01:49:58:05
4597	PASSARDI DIMINET,	01:49:58:75
4598	ARDANOS VAZQUEZ,PE	01:49:59:60
4599	CASAS AMEVA,IGNAC	01:50:00:00
4600	MAZA GOMEZ,ANGEL	01:50:00:55
4601	TORRES BARAHONA,RO	01:50:00:60
4602	ZELEDON MARTINEZ,A	01:50:01:75
4603	SCHEZ Gª,MAR	01:50:02:15
4604	GALVAN MORALEDA,MA	01:50:02:90
4605	TRILLO FDEZ,M	01:50:03:30
4606	MARINAS ROJO,FRANC	01:50:03:40
4607	VAZQUEZ,GERMAN	01:50:03:65
4608	CASADO AGUILERA,D	01:50:03:70
4609	Gª DE LA OLIVA	01:50:03:85
4610	LONGUERA CINTORA,	01:50:04:15
4611	SANZ MUÑOZ,JULIO	01:50:05:55
4612	CUENCA SAIZ,RUBEN	01:50:06:55
4613	DE PRADA-DIAZ,CANO	01:50:07:80
4614	FRANCO FDEZ,J	01:50:08:60
4615	BERMUDEZ BUENO,JUA	01:50:09:00
4616	Gª DE ENTERRIA	01:50:09:10
4617	Gª CRUZ,MIGUEL	01:50:09:65
4618	MARTIN DE ALBA,N	01:50:10:45
4619	ALVAREZ PEREZ,FRAN	01:50:10:60
4620	SEGURA HERNANDO,M	01:50:11:30
4621	RACAMONDE TAPIAS,M	01:50:12:45
4622	TALLON GLEZ,BE	01:50:12:70
4623	ALONSO MENENDEZ,PE	01:50:13:55
4624	PASTORIZA MADAVIL	01:50:15:90
4625	LOPEZ PULGAR,JOSE	01:50:16:05
4626	MUÑOZ DELGADO,MARI	01:50:16:25
4627	ANDRES PASCUAL,JOS	01:50:17:00
4628	LOPEZ Gª DE LE	01:50:17:05
4629	HERAS MORALES,GREG	01:50:17:20
4630	DOMINGO IBAÑEZ,JOA	01:50:17:35
4631	GALLEGO GALLEGO,JU	01:50:17:60
4632	TEUDIRO VAZQUEZ,F	01:50:18:00
4633	OSO BARCINA,JOSE	01:50:18:05
4634	RGUEZ PINTO,MANUEL	01:50:18:40
4635	SENDER SANJUAN,JOS	01:50:19:65
4636	ROJO PASCUAL	01:50:19:75
4637	GARRIDO MARTINEZ,M	01:50:19:85
4638	Gª MIGUEL,IGNA	01:50:20:20
4639	TOLMO SANTOS,EMILI	01:50:21:00
4640	FDEZ LEE,JOSE	01:50:21:05
4641	DELGADO SCHEZ,VI	01:50:21:25
4642	VALLE SASTRE,X	01:50:21:95
4643	ZAMORANO AMADOR,SO	01:50:22:25
4644	RGUERA ZAPATERIA	01:50:22:55
4645	AMATE MARTINEZ,JES	01:50:22:70
4646	MEGIAS BRAVO,EMILI	01:50:23:00
4647	HARO BARBA,EMILIO	01:50:23:95
4648	SCHEZ MAGDALENO,	01:50:24:45
4649	HERRO MENENDEZ,OS	01:50:26:05
4650	JARA CHINARRO,TOMA	01:50:26:20
4651	ANTUNEZ DIAZ,ESTHE	01:50:27:00
4652	CAPETILLO DIEZ,FEL	01:50:27:70
4653	CAZAÑA SOLARES,JOA	01:50:28:45
4654	MARTIN ABANADES,DA	01:50:29:75
4655	LOBATO MIGUELEZ,EN	01:50:30:05
4656	HERNANDO CUNADO,AT	01:50:30:50
4657	JIMENEZ PEREZ,JOSE	01:50:31:00
4658	Gª VAHO,JAVIE	01:50:31:50
4659	MONTESINOS CUERDA,	01:50:31:60
4660	GENDIVE FDEZ,	01:50:31:95
4661	FDEZ,JUAN CAR	01:50:32:30
4662	GALLEGO GALLEGO,AN	01:50:33:90
4663	ROBLES OYARZABAL,M	01:50:34:40
4664	SERRA DECOCAL,ANDR	01:50:34:45
4665	SCHEZ NUÑEZ,TOMAS	01:50:35:15
4666	GLEZ CLIMENT,A	01:50:36:05
4667	VISEDA LOPEZ,MANUE	01:50:36:50
4668	HERRERO DEL CAMPO,	01:50:36:75
4669	GOMEZ REDONDO,JOSE	01:50:37:10
4670	CAMPOY GOMEZ,MANUE	01:50:37:90
4671	RON Gª,RICARDO	01:50:40:55
4672	DIAZ SCHEZ,MARIA	01:50:40:95
4673	VAQUERO LOPEZ,JOSE	01:50:41:05
4674	HNDEZ PORTERO,	01:50:41:65
4675	CONTRERAS ORTIZ,R	01:50:41:75
4676	Gª SOLE,FERNAN	01:50:41:80
4677	Gª PLAZA,JUAN	01:50:41:90
4678	SCHEZ SCHEZ,DI	01:50:42:25
4679	HNDEZ SCHEZ,	01:50:43:05
4680	LOPEZ DURAN,RICARD	01:50:43:35
4681	Gª MARTINEZ,RA	01:50:43:45
4682	COSSIO SCHEZ,AMP	01:50:44:40
4683	BENITO CASADO,DIEGO	01:50:45:00
4684	ALARIO SCHEZ-VAL,	01:50:45:50
4685	SERRANO PUERTAS,CE	01:50:45:60
4686	FRESNO MORENO,FERN	01:50:46:50
4687	MERCHAN PALACIOS,M	01:50:47:00
4688	Gª LORENZO,ALE	01:50:47:35
4689	FARIZA REGUEJO,JES	01:50:47:40
4690	Gª ORDEN,NAIA	01:50:48:15
4691	DOMINGO DIEZ,RAUL	01:50:48:40
4692	GUTIERREZ LOPEZ,AU	01:50:49:70
4693	BORGE GAYAR,RAFAEL	01:50:49:85
4694	RGUEZ PORCUNA,	01:50:50:95
4695	RUIZ PRIETO,ISABEL	01:50:51:40
4696	SCHEZ MARTINEZ,E	01:50:52:00
4697	PALOMO SCHEZ,SEF	01:50:52:20
4698	IBAÑEZ CASADO,JUAN	01:50:52:85
4699	ELOLA JIMENEZ,FRAN	01:50:53:15
4700	SANZ PEREZ,FRANCIS	01:50:54:00
4701	DIAZ MOLINA,A	01:50:54:15
4702	CASTRO DIAZ,CARLOS	01:50:54:55
4703	GINES PATON,JESUS	01:50:54:65
4704	PALANCA CRUZ,CARLO	01:50:54:95
4705	MARTIN LOPEZ,LUIS	01:50:55:70
4706	RUIZ,JUAN	01:50:55:75
4707	VARADE LLORENTE,MA	01:50:56:70
4708	SOLANCE MARTINEZ,L	01:50:57:90
4709	TABLADO CLAVIJO,CA	01:50:58:40
4710	ARIAS MARTINEZ,ENR	01:50:59:55
4711	CASADO AYLAGAS,JES	01:51:01:25
4712	ROMERO MARTIN,ANTO	01:51:01:65
4713	HNDEZ MARTIN,G	01:51:02:65
4714	BRAVO MORA,GUSTAVO	01:51:04:60
4715	DIAZ MOHALENA,J	01:51:05:55
4716	RODRIGO MUÑOZ,ADOL	01:51:06:85
4717	CHAUS JIMENEZ,MARI	01:51:07:85
4718	ORTEGA SCHEZ,FRA	01:51:08:35
4719	ANASAGASTI LOZANO,	01:51:08:95
4720	LOPEZ MOLINA,MERCE	01:51:09:05
4721	QUINTANILLA GONZA	01:51:09:50
4722	LOPEZ JIMENEZ,JUAN	01:51:10:65
4723	SALVATIERRA HUERGA	01:51:10:70
4724	RGUEZ MARTO,J	01:51:11:30
4725	GAITAN PACHECO,RIC	01:51:11:55
4726	ESCRIBANO MARTIN,B	01:51:11:65
4727	CALVO PEREZ,VALENT	01:51:11:70
4728	SOMOLINOS DEL CAST	01:51:11:85
4729	LOPEZ Gª,ED	01:51:12:00
4730	BRIME VILLAR,FELIP	01:51:13:70
4731	MERINO NATORLEDUA	01:51:13:75
4732	QUIJARRO RGUEZ	01:51:14:00
4733	HNDEZ VOZMEDIA	01:51:16:35
4734	MATAGNE,JUAN	01:51:16:50
4735	FDEZ CID,ADOL	01:51:17:60
4736	RUIZ DIAZ,M	01:51:18:85
4737	JURADO MARTIN,JOSE	01:51:20:70
4738	TRAVE BERNABEU,JOS	01:51:21:95
4739	GLEZ REYES,FE	01:51:22:40
4740	Gª JUAREZ,FERN	01:51:22:50
4741	MARTINEZ CASQUERO,	01:51:23:40
4742	MARTIN Gª,JESU	01:51:24:00
4743	RGUEZ PEREZ,ED	01:51:24:05
4744	DURAN MARTIN,JUAN	01:51:24:20
4745	GLEZ SCHEZ,J	01:51:25:00
4746	ESTEBANEZ MORENO,J	01:51:27:00
4747	RUIZ DOS,PABLO	01:51:27:85
4748	PEREZ MORAL,FERNAN	01:51:28:55
4749	INGELMO SANTOS,GON	01:51:29:60
4750	CONGOSTO RGUEZ	01:51:29:80
4751	PABLO FDEZ,JU	01:51:29:85
4752	VALENCIA GLEZ,	01:51:30:05
4753	SCHEZ NIETO,DIEG	01:51:30:80
4754	MARTIN MUÑOZ,FERN	01:51:31:75
4755	LUIS MORCUENDE,SAN	01:51:32:90
4756	PRIETO CONTRERAS,D	01:51:33:05
4757	PICON RGUEZ,EU	01:51:33:85
4758	BENITEZ GRANDE,CAB	01:51:35:00
4759	SERRANO JAREÑO,MIG	01:51:35:05
4760	BIBILONI BOTER,RAJ	01:51:35:45
4761	ARCONES GRANDE,ANG	01:51:35:80
4762	ROBLES MARTIN-LABO	01:51:37:25
4763	FUENTE GUIRART,ROS	01:51:37:60
4764	HUERTAS CARRERO,VI	01:51:38:50
4765	Gª GARCIA,RUBEN	01:51:38:90
4766	CRUZ LEON,ALONSO	01:51:41:20
4767	SCHOU,LISBETH	01:51:42:25
4768	CALATAYUD GIOZA,JO	01:51:42:60
4769	MARTINEZ IRUJO,RAM	01:51:44:00
4770	TORRE VADILLO,SANT	01:51:44:40
4771	PAVON ESTEBAN,MANU	01:51:45:00
4772	RGUEZ ANDRADE,	01:51:45:65
4773	RGUEZ MOLDES,X	01:51:46:00
4774	GOMEZ SANZ,VICTOR	01:51:46:45
4775	NOGALES BARRUSO,J	01:51:46:50
4776	POZO MORA,JUAN PED	01:51:46:70
4777	00:00:00
4778	GLEZ Gª,PI	01:51:48:85
4779	RUIZ ALONSO,ENRIQU	01:51:48:95
4780	GLEZ TEJON,LUI	01:51:48:00
4781	RGUEZ AMARO,PA	01:51:48:00
4782	SCHEZ SCHEZ,JES	01:51:48:30
4783	LAZARO SERRANO,JAV	01:51:48:95
4784	CONTRERAS HERRERA,	01:51:49:60
4785	VIDAL SARRION,FRAN	01:51:50:15
4786	AGUADO OLIVA,CARME	01:51:51:80
4787	GOMEZ SALAMANCA,MI	01:51:52:15
4788	CERRATO JIMENEZ,SO	01:51:52:70
4789	PLANAS POLO,JAVIER	01:51:53:55
4790	CASTELLANOS RAMOS,	01:51:55:65
12 corricolari Julio 2000
